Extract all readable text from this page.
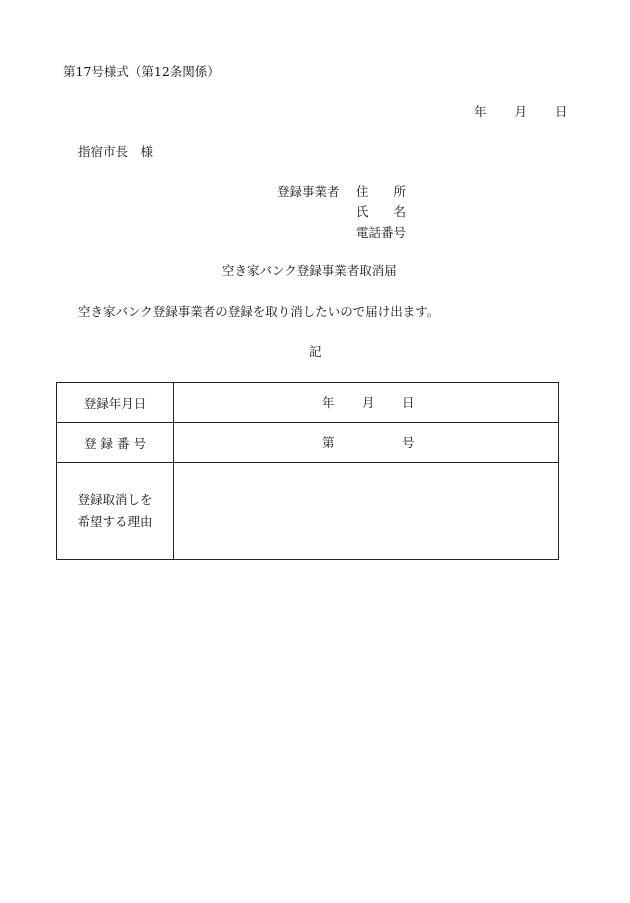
第17号様式（第12条関係）
年 月 日
指宿市長　様
登録事業者 住　　所
氏　　名
電話番号
空き家バンク登録事業者取消届
空き家バンク登録事業者の登録を取り消したいので届け出ます。
記
登録年月日	年 月 日

登 録 番 号	第 号

登録取消しを
希望する理由	
